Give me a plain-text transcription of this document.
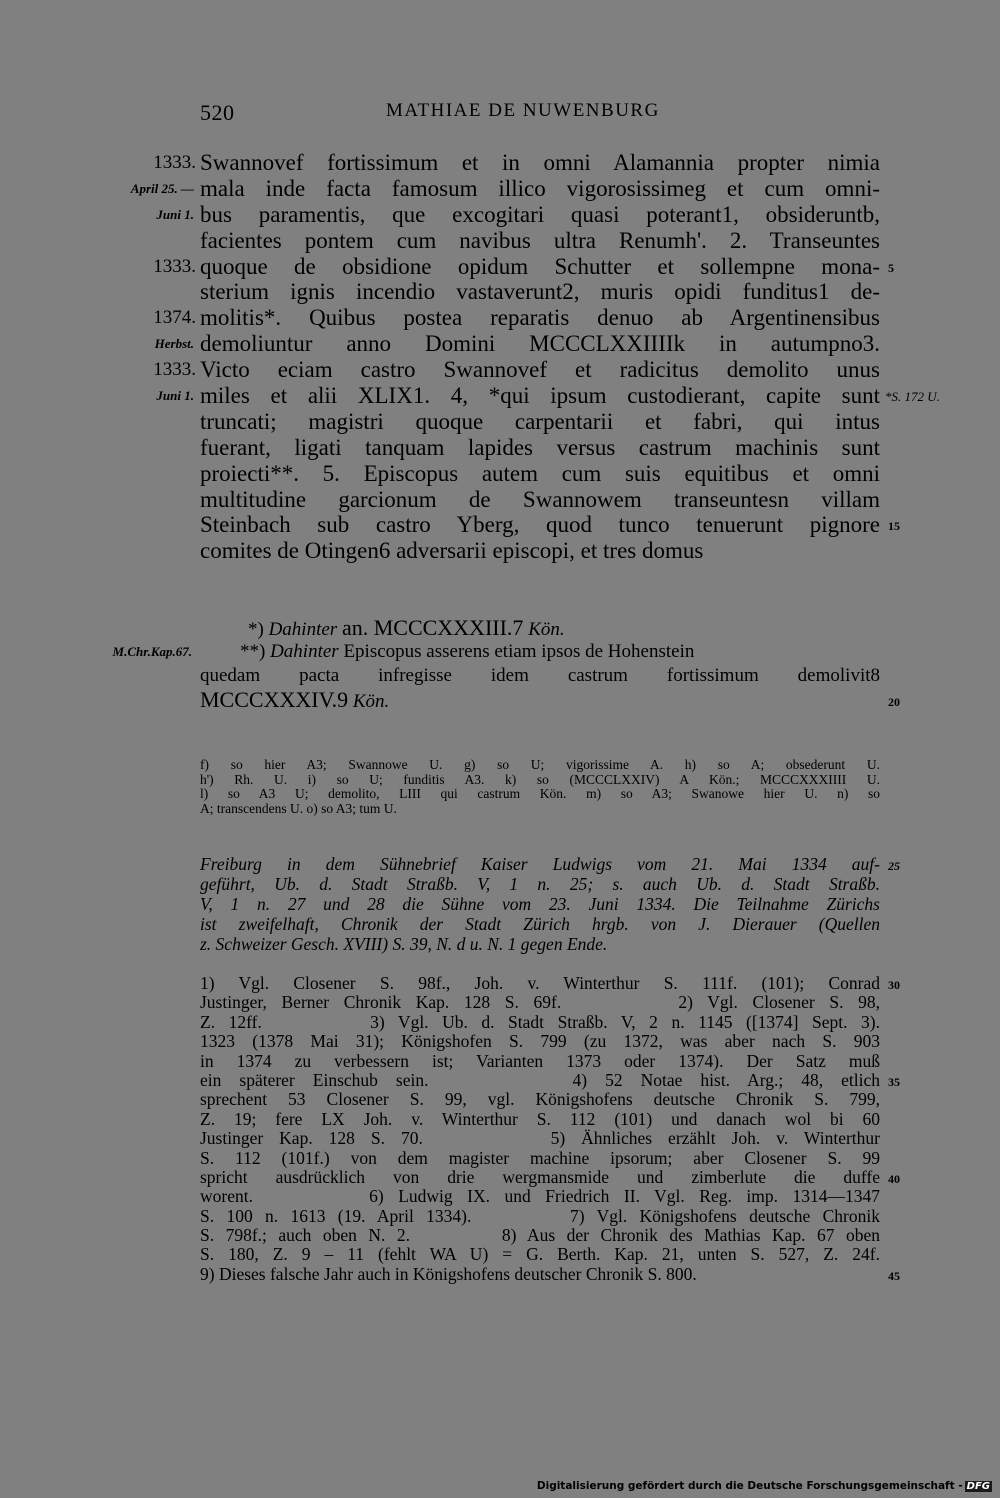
520	MATHIAE DE NUWENBURG
Swannovef fortissimum et in omni Alamannia propter nimia
1333.
mala inde facta famosum illico vigorosissimeg et cum omni-
April 25. —
bus paramentis, que excogitari quasi poterant1, obsideruntb,
Juni 1.
facientes pontem cum navibus ultra Renumh'. 2. Transeuntes
quoque de obsidione opidum Schutter et sollempne mona-
1333.	5
sterium ignis incendio vastaverunt2, muris opidi funditus1 de-
molitis*. Quibus postea reparatis denuo ab Argentinensibus
1374.
demoliuntur anno Domini MCCCLXXIIIIk in autumpno3.
Herbst.
Victo eciam castro Swannovef et radicitus demolito unus
1333.
miles et alii XLIX1. 4, *qui ipsum custodierant, capite sunt
Juni 1.	*S. 172 U.
truncati; magistri quoque carpentarii et fabri, qui intus
fuerant, ligati tanquam lapides versus castrum machinis sunt
proiecti**. 5. Episcopus autem cum suis equitibus et omni
multitudine garcionum de Swannowem transeuntesn villam
Steinbach sub castro Yberg, quod tunco tenuerunt pignore 15
comites de Otingen6 adversarii episcopi, et tres domus
*) Dahinter an. MCCCXXXIII.7 Kön.
M.Chr.Kap.67.	**) Dahinter Episcopus asserens etiam ipsos de Hohenstein
quedam pacta infregisse idem castrum fortissimum demolivit8
MCCCXXXIV.9 Kön.	20
f) so hier A3; Swannowe U. g) so U; vigorissime A. h) so A; obsederunt U.
h') Rh. U. i) so U; funditis A3. k) so (MCCCLXXIV) A Kön.; MCCCXXXIIII U.
l) so A3 U; demolito, LIII qui castrum Kön. m) so A3; Swanowe hier U. n) so
A; transcendens U. o) so A3; tum U.
Freiburg in dem Sühnebrief Kaiser Ludwigs vom 21. Mai 1334 auf- 25
geführt, Ub. d. Stadt Straßb. V, 1 n. 25; s. auch Ub. d. Stadt Straßb.
V, 1 n. 27 und 28 die Sühne vom 23. Juni 1334. Die Teilnahme Zürichs
ist zweifelhaft, Chronik der Stadt Zürich hrgb. von J. Dierauer (Quellen
z. Schweizer Gesch. XVIII) S. 39, N. d u. N. 1 gegen Ende.
1) Vgl. Closener S. 98f., Joh. v. Winterthur S. 111f. (101); Conrad 30
Justinger, Berner Chronik Kap. 128 S. 69f.        2) Vgl. Closener S. 98,
Z. 12ff.        3) Vgl. Ub. d. Stadt Straßb. V, 2 n. 1145 ([1374] Sept. 3).
1323 (1378 Mai 31); Königshofen S. 799 (zu 1372, was aber nach S. 903
in 1374 zu verbessern ist; Varianten 1373 oder 1374). Der Satz muß
ein späterer Einschub sein.        4) 52 Notae hist. Arg.; 48, etlich 35
sprechent 53 Closener S. 99, vgl. Königshofens deutsche Chronik S. 799,
Z. 19; fere LX Joh. v. Winterthur S. 112 (101) und danach wol bi 60
Justinger Kap. 128 S. 70.        5) Ähnliches erzählt Joh. v. Winterthur
S. 112 (101f.) von dem magister machine ipsorum; aber Closener S. 99
spricht ausdrücklich von drie wergmansmide und zimberlute die duffe 40
worent.        6) Ludwig IX. und Friedrich II. Vgl. Reg. imp. 1314—1347
S. 100 n. 1613 (19. April 1334).        7) Vgl. Königshofens deutsche Chronik
S. 798f.; auch oben N. 2.        8) Aus der Chronik des Mathias Kap. 67 oben
S. 180, Z. 9 – 11 (fehlt WA U) = G. Berth. Kap. 21, unten S. 527, Z. 24f.
9) Dieses falsche Jahr auch in Königshofens deutscher Chronik S. 800.	45
Digitalisierung gefördert durch die Deutsche Forschungsgemeinschaft - DFG
